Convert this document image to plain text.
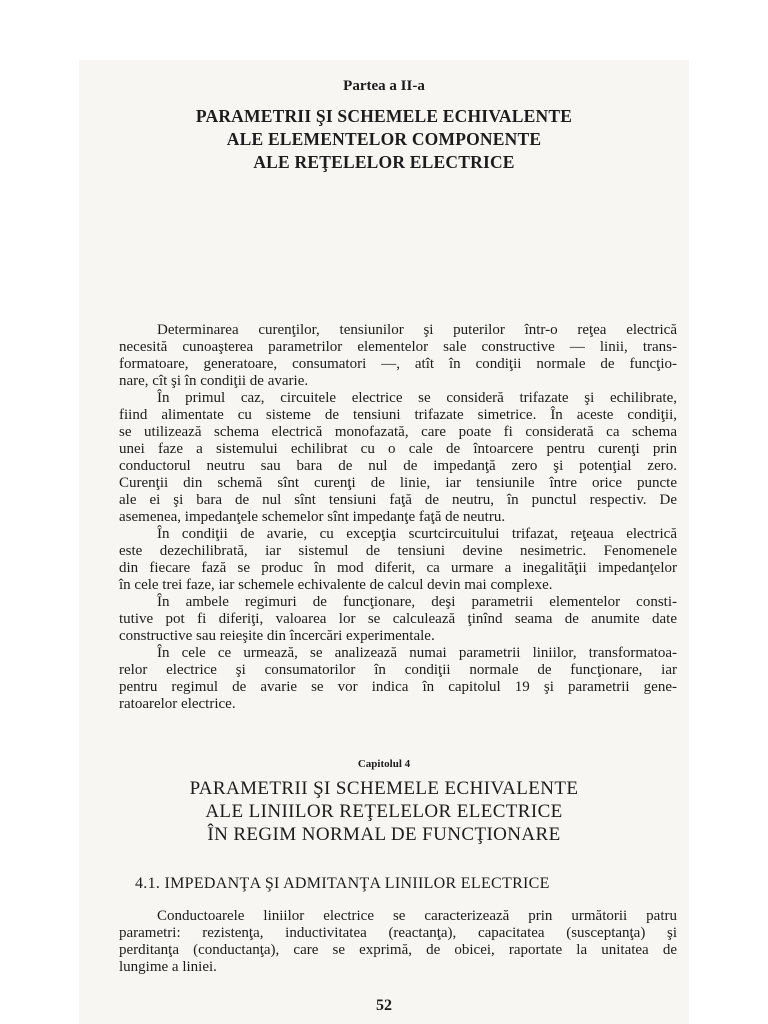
Partea a II-a
PARAMETRII ŞI SCHEMELE ECHIVALENTE
ALE ELEMENTELOR COMPONENTE
ALE REŢELELOR ELECTRICE
Determinarea curenţilor, tensiunilor şi puterilor într-o reţea electrică
necesită cunoaşterea parametrilor elementelor sale constructive — linii, trans-
formatoare, generatoare, consumatori —, atît în condiţii normale de funcţio-
nare, cît şi în condiţii de avarie.
În primul caz, circuitele electrice se consideră trifazate şi echilibrate,
fiind alimentate cu sisteme de tensiuni trifazate simetrice. În aceste condiţii,
se utilizează schema electrică monofazată, care poate fi considerată ca schema
unei faze a sistemului echilibrat cu o cale de întoarcere pentru curenţi prin
conductorul neutru sau bara de nul de impedanţă zero şi potenţial zero.
Curenţii din schemă sînt curenţi de linie, iar tensiunile între orice puncte
ale ei şi bara de nul sînt tensiuni faţă de neutru, în punctul respectiv. De
asemenea, impedanţele schemelor sînt impedanţe faţă de neutru.
În condiţii de avarie, cu excepţia scurtcircuitului trifazat, reţeaua electrică
este dezechilibrată, iar sistemul de tensiuni devine nesimetric. Fenomenele
din fiecare fază se produc în mod diferit, ca urmare a inegalităţii impedanţelor
în cele trei faze, iar schemele echivalente de calcul devin mai complexe.
În ambele regimuri de funcţionare, deşi parametrii elementelor consti-
tutive pot fi diferiţi, valoarea lor se calculează ţinînd seama de anumite date
constructive sau reieşite din încercări experimentale.
În cele ce urmează, se analizează numai parametrii liniilor, transformatoa-
relor electrice şi consumatorilor în condiţii normale de funcţionare, iar
pentru regimul de avarie se vor indica în capitolul 19 şi parametrii gene-
ratoarelor electrice.
Capitolul 4
PARAMETRII ŞI SCHEMELE ECHIVALENTE
ALE LINIILOR REŢELELOR ELECTRICE
ÎN REGIM NORMAL DE FUNCŢIONARE
4.1. IMPEDANŢA ŞI ADMITANŢA LINIILOR ELECTRICE
Conductoarele liniilor electrice se caracterizează prin următorii patru
parametri: rezistenţa, inductivitatea (reactanţa), capacitatea (susceptanţa) şi
perditanţa (conductanţa), care se exprimă, de obicei, raportate la unitatea de
lungime a liniei.
52
